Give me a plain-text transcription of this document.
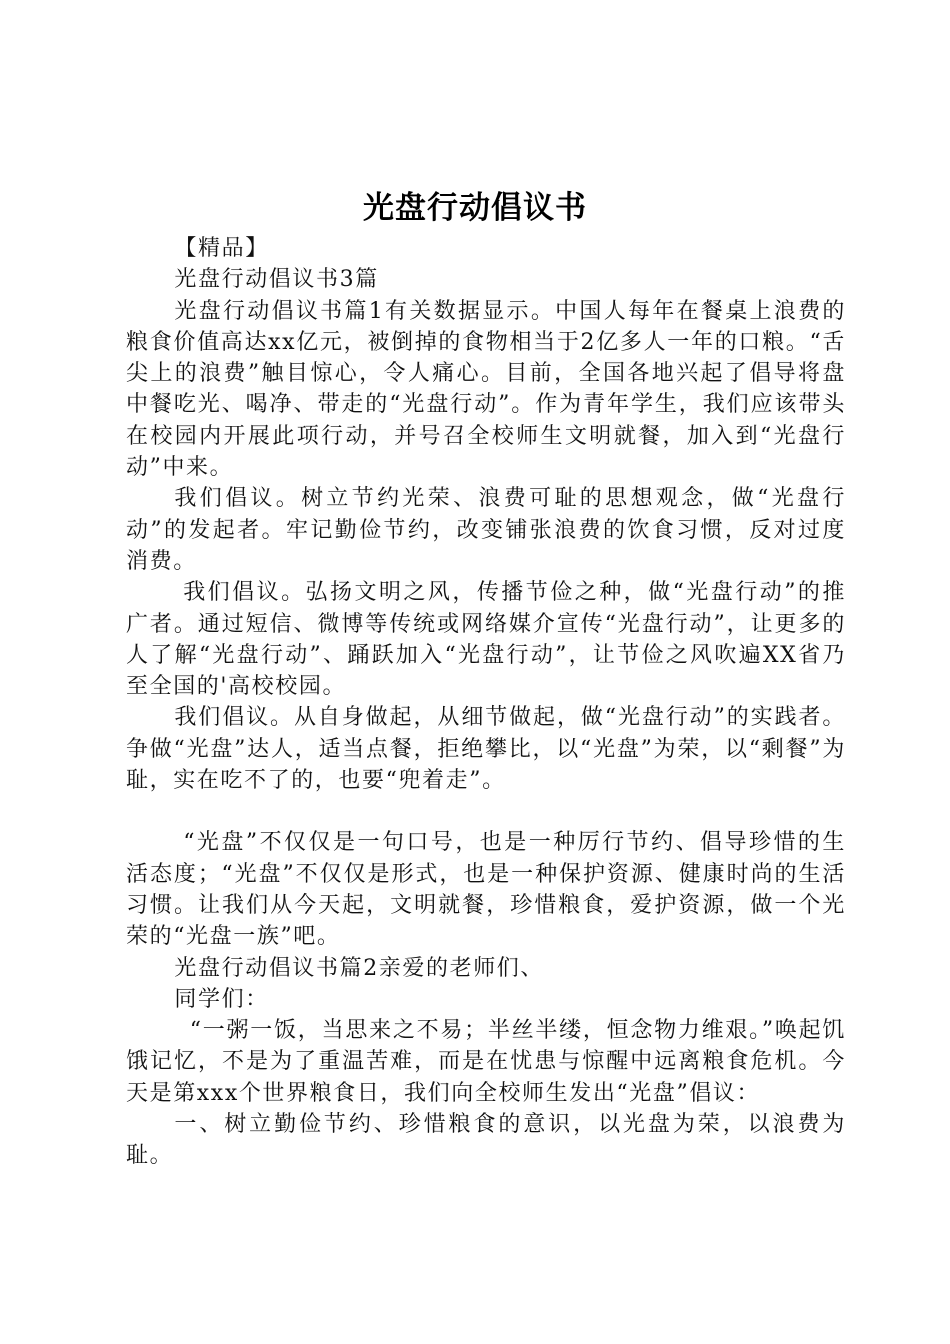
光盘行动倡议书

【精品】

光盘行动倡议书3篇

光盘行动倡议书篇1有关数据显示。中国人每年在餐桌上浪费的粮食价值高达xx亿元，被倒掉的食物相当于2亿多人一年的口粮。“舌尖上的浪费”触目惊心，令人痛心。目前，全国各地兴起了倡导将盘中餐吃光、喝净、带走的“光盘行动”。作为青年学生，我们应该带头在校园内开展此项行动，并号召全校师生文明就餐，加入到“光盘行动”中来。

我们倡议。树立节约光荣、浪费可耻的思想观念，做“光盘行动”的发起者。牢记勤俭节约，改变铺张浪费的饮食习惯，反对过度消费。

我们倡议。弘扬文明之风，传播节俭之种，做“光盘行动”的推广者。通过短信、微博等传统或网络媒介宣传“光盘行动”，让更多的人了解“光盘行动”、踊跃加入“光盘行动”，让节俭之风吹遍XX省乃至全国的'高校校园。

我们倡议。从自身做起，从细节做起，做“光盘行动”的实践者。争做“光盘”达人，适当点餐，拒绝攀比，以“光盘”为荣，以“剩餐”为耻，实在吃不了的，也要“兜着走”。

“光盘”不仅仅是一句口号，也是一种厉行节约、倡导珍惜的生活态度；“光盘”不仅仅是形式，也是一种保护资源、健康时尚的生活习惯。让我们从今天起，文明就餐，珍惜粮食，爱护资源，做一个光荣的“光盘一族”吧。

光盘行动倡议书篇2亲爱的老师们、

同学们：

“一粥一饭，当思来之不易；半丝半缕，恒念物力维艰。”唤起饥饿记忆，不是为了重温苦难，而是在忧患与惊醒中远离粮食危机。今天是第xxx个世界粮食日，我们向全校师生发出“光盘”倡议：

一、树立勤俭节约、珍惜粮食的意识，以光盘为荣，以浪费为耻。
